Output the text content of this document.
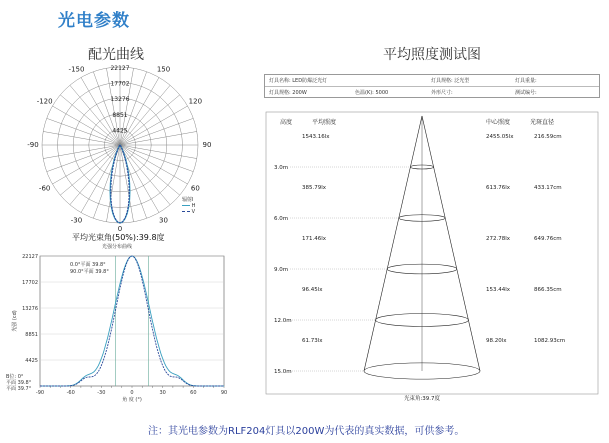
光电参数
配光曲线
-150
-120
-90
-60
-30
150
120
90
60
30
0
22127
17702
13276
8851
4425
辐射I
H
V
平均光束角(50%):39.8度
光强分布曲线
22127
17702
13276
8851
4425
-90	-60	-30	0	30	60	90
0.0°平面 39.8°
90.0°平面 39.8°
光强 (cd)
角 度 (°)
B位: 0°
平面 39.8°
平面 39.7°
平均照度测试图
灯具名称: LED防爆泛光灯	灯具规格: 泛光型	灯具重量:
灯具规格: 200W	色温(K): 5000	外形尺寸:	测试编号:
高度	平均照度	中心照度	光斑直径
3.0m
1543.16lx	2455.05lx	216.59cm
6.0m
385.79lx	613.76lx	433.17cm
9.0m
171.46lx	272.78lx	649.76cm
12.0m
96.45lx	153.44lx	866.35cm
15.0m
61.73lx	98.20lx	1082.93cm
光束角:39.7度
注：其光电参数为RLF204灯具以200W为代表的真实数据，可供参考。
